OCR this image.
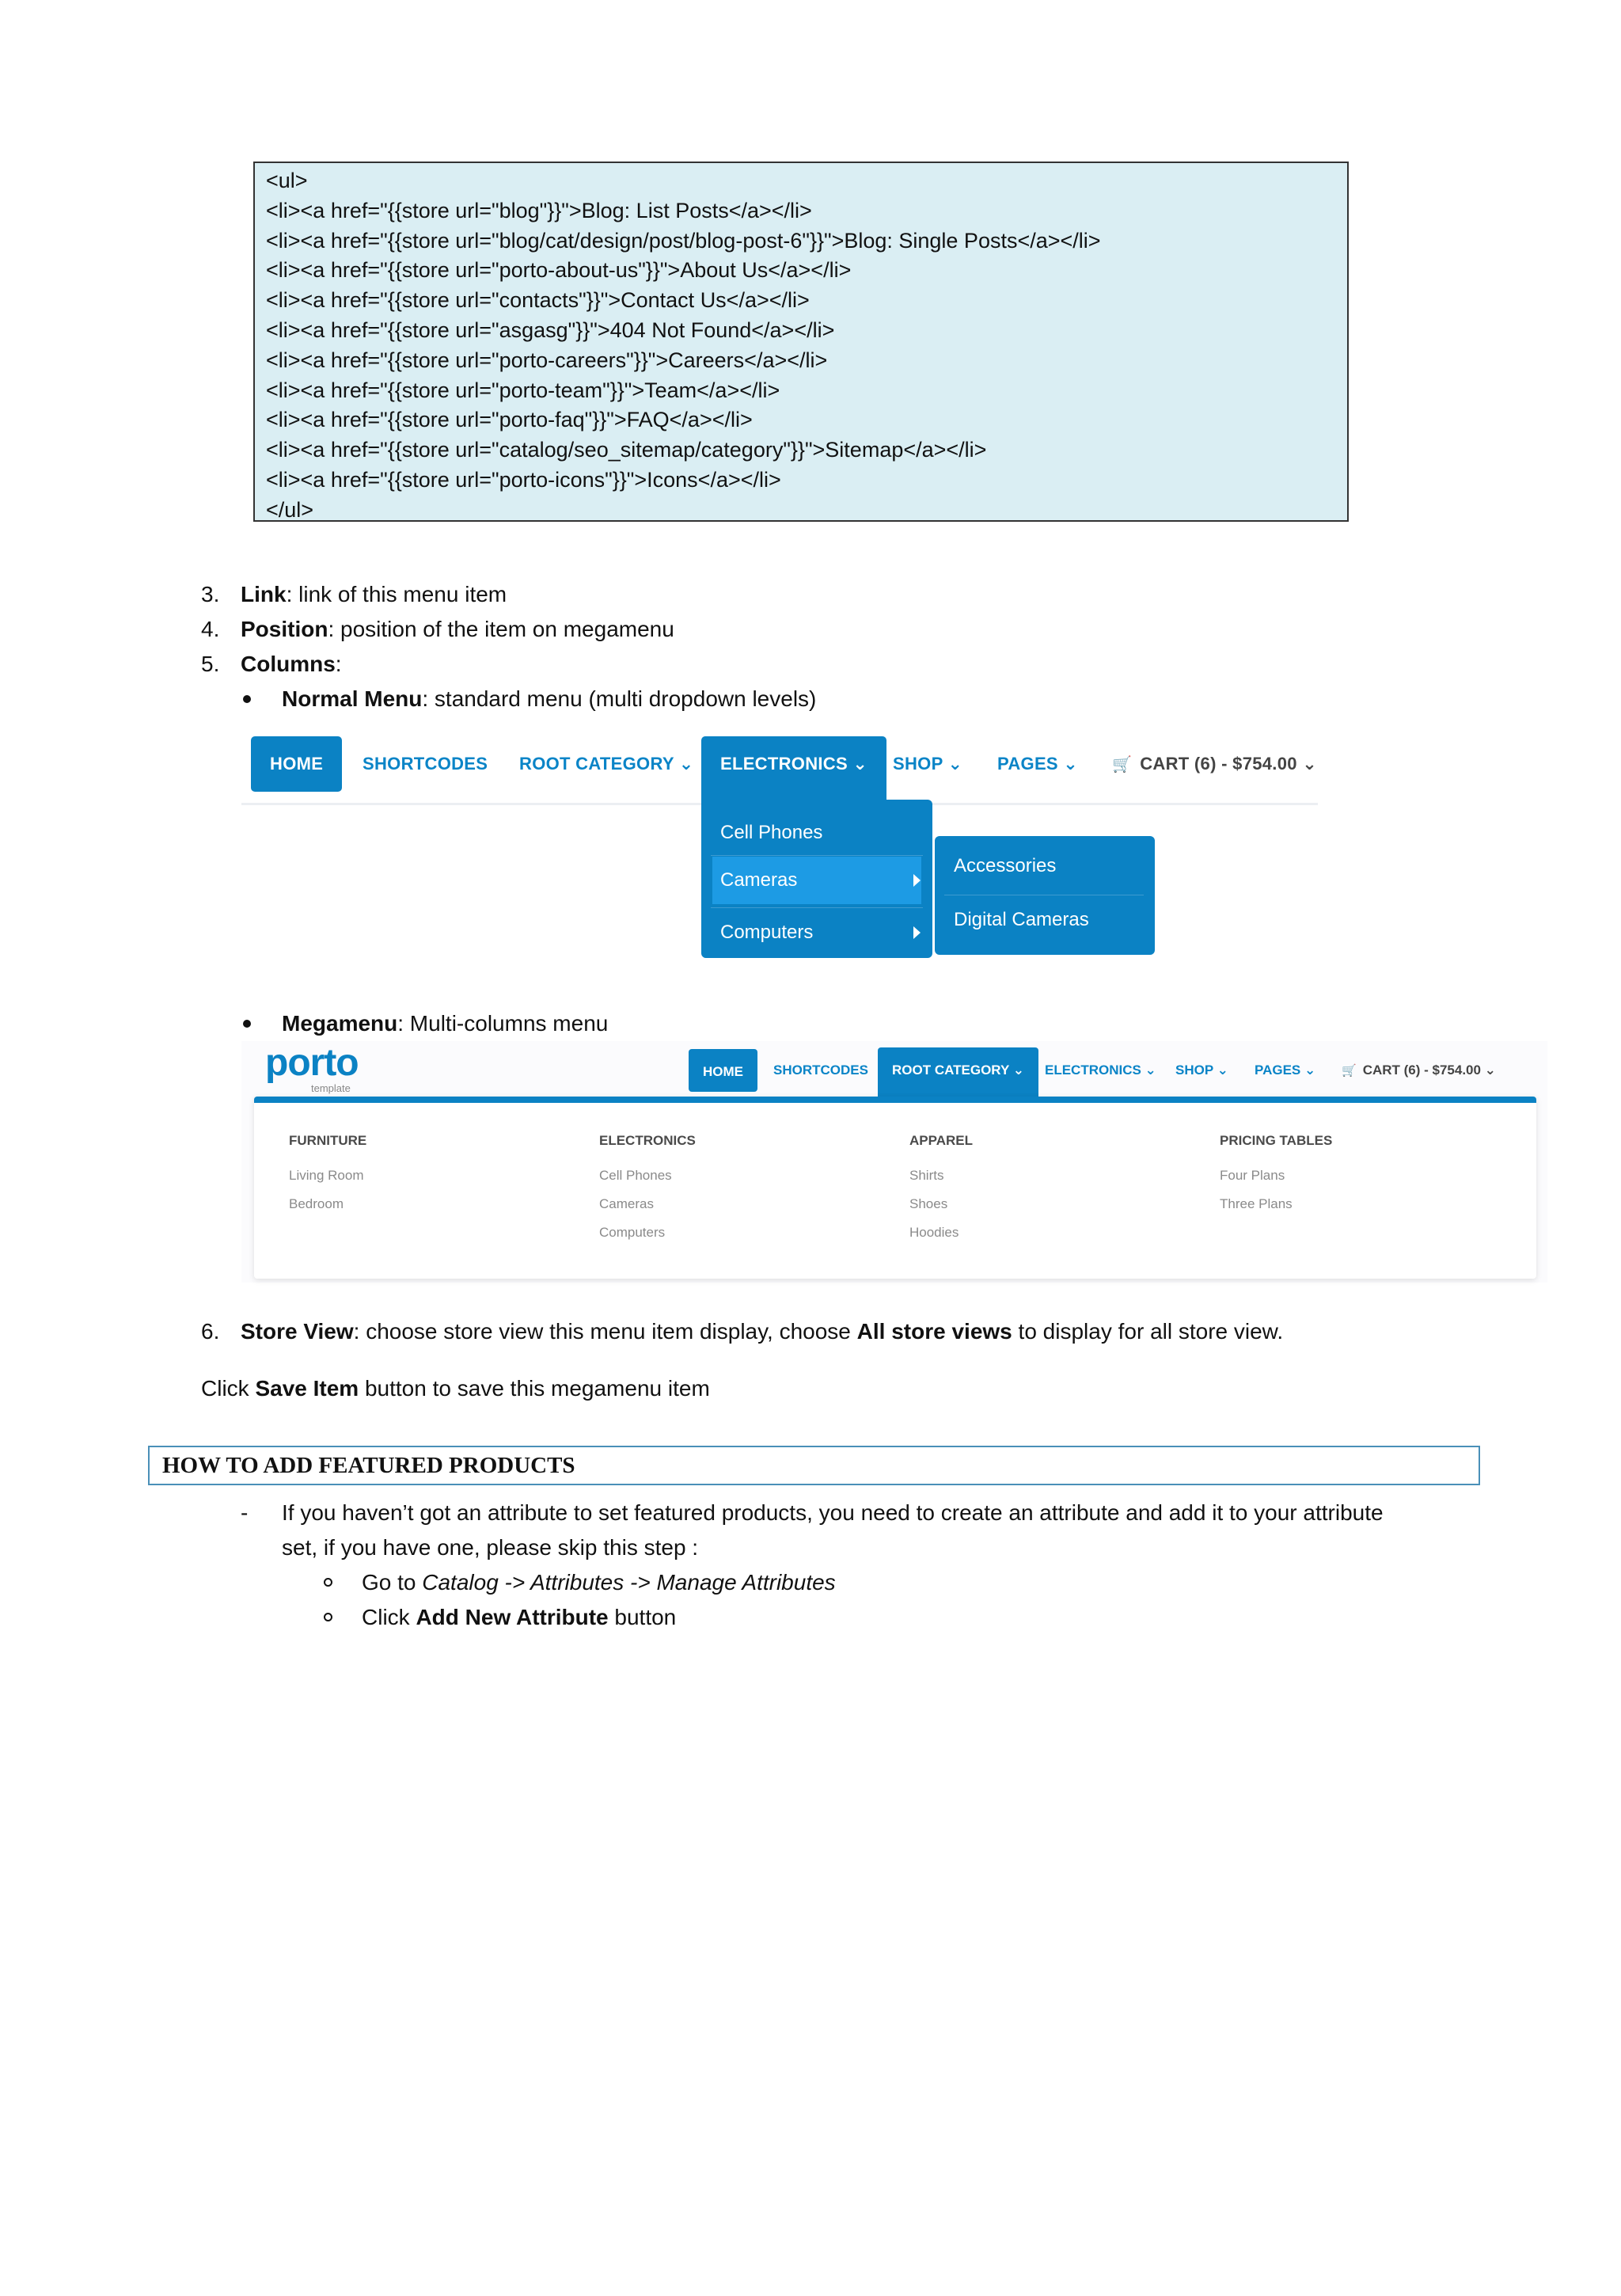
<ul>
<li><a href="{{store url="blog"}}">Blog: List Posts</a></li>
<li><a href="{{store url="blog/cat/design/post/blog-post-6"}}">Blog: Single Posts</a></li>
<li><a href="{{store url="porto-about-us"}}">About Us</a></li>
<li><a href="{{store url="contacts"}}">Contact Us</a></li>
<li><a href="{{store url="asgasg"}}">404 Not Found</a></li>
<li><a href="{{store url="porto-careers"}}">Careers</a></li>
<li><a href="{{store url="porto-team"}}">Team</a></li>
<li><a href="{{store url="porto-faq"}}">FAQ</a></li>
<li><a href="{{store url="catalog/seo_sitemap/category"}}">Sitemap</a></li>
<li><a href="{{store url="porto-icons"}}">Icons</a></li>
</ul>
3. Link: link of this menu item
4. Position: position of the item on megamenu
5. Columns:
Normal Menu: standard menu (multi dropdown levels)
HOME	SHORTCODES ROOT CATEGORY ⌄	ELECTRONICS ⌄	SHOP ⌄ PAGES ⌄ 🛒 CART (6) - $754.00 ⌄
Cell Phones
Cameras
Computers
Accessories
Digital Cameras
Megamenu: Multi-columns menu
porto
template
HOME	SHORTCODES	ROOT CATEGORY ⌄	ELECTRONICS ⌄ SHOP ⌄ PAGES ⌄ 🛒 CART (6) - $754.00 ⌄
FURNITURE
Living Room
Bedroom
ELECTRONICS
Cell Phones
Cameras
Computers
APPAREL
Shirts
Shoes
Hoodies
PRICING TABLES
Four Plans
Three Plans
6. Store View: choose store view this menu item display, choose All store views to display for all store view.
Click Save Item button to save this megamenu item
HOW TO ADD FEATURED PRODUCTS
- If you haven’t got an attribute to set featured products, you need to create an attribute and add it to your attribute
set, if you have one, please skip this step :
Go to Catalog -> Attributes -> Manage Attributes
Click Add New Attribute button
